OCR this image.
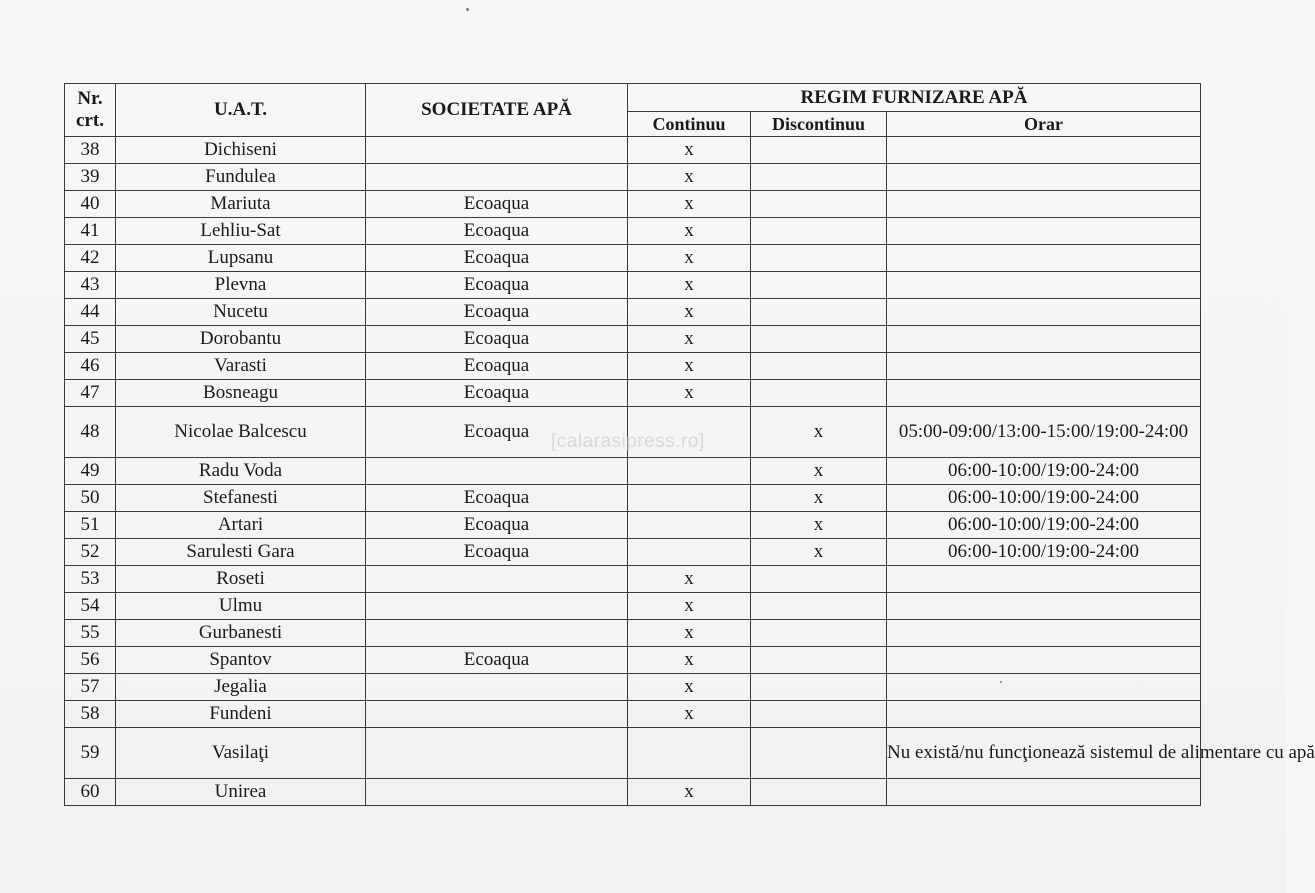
Nr. crt.	U.A.T.	SOCIETATE APĂ	REGIM FURNIZARE APĂ		
			Continuu	Discontinuu	Orar
38	Dichiseni		x		
39	Fundulea		x		
40	Mariuta	Ecoaqua	x		
41	Lehliu-Sat	Ecoaqua	x		
42	Lupsanu	Ecoaqua	x		
43	Plevna	Ecoaqua	x		
44	Nucetu	Ecoaqua	x		
45	Dorobantu	Ecoaqua	x		
46	Varasti	Ecoaqua	x		
47	Bosneagu	Ecoaqua	x		
48	Nicolae Balcescu	Ecoaqua		x	05:00-09:00/13:00-15:00/19:00-24:00
49	Radu Voda			x	06:00-10:00/19:00-24:00
50	Stefanesti	Ecoaqua		x	06:00-10:00/19:00-24:00
51	Artari	Ecoaqua		x	06:00-10:00/19:00-24:00
52	Sarulesti Gara	Ecoaqua		x	06:00-10:00/19:00-24:00
53	Roseti		x		
54	Ulmu		x		
55	Gurbanesti		x		
56	Spantov	Ecoaqua	x		
57	Jegalia		x		
58	Fundeni		x		
59	Vasilaţi				Nu există/nu funcţionează sistemul de alimentare cu apă
60	Unirea		x		
[calarasipress.ro]
